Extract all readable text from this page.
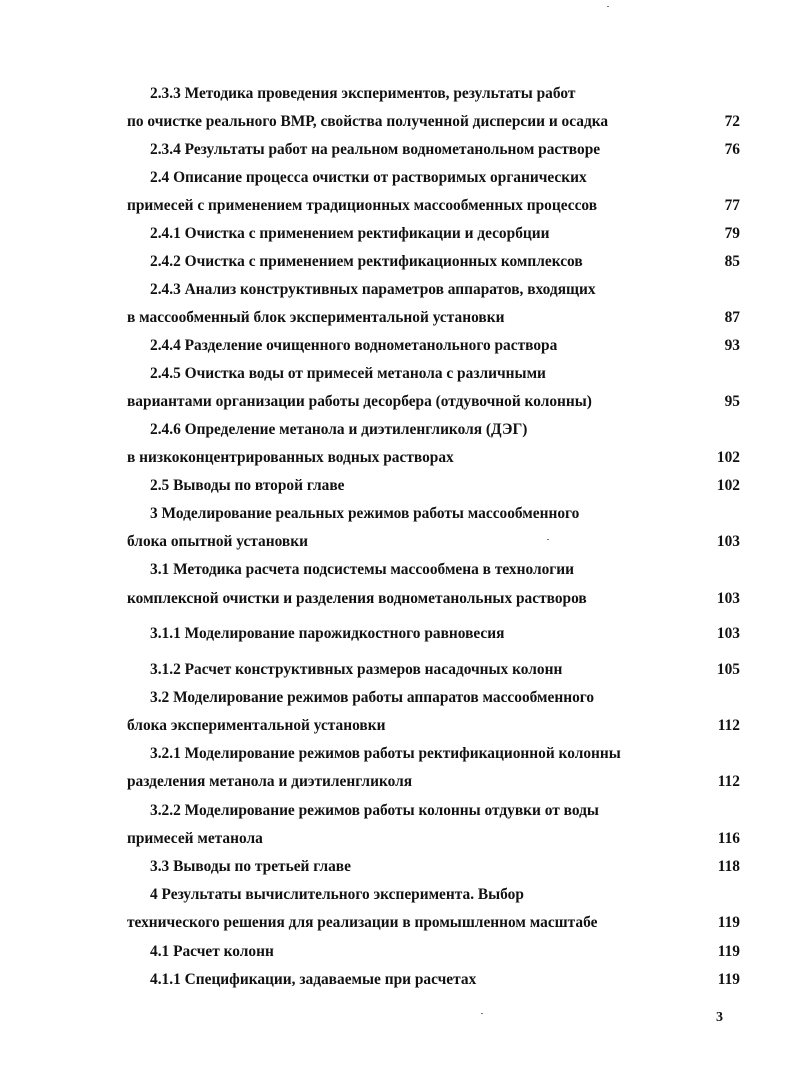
2.3.3 Методика проведения экспериментов, результаты работ
по очистке реального ВМР, свойства полученной дисперсии и осадка	72
2.3.4 Результаты работ на реальном воднометанольном растворе	76
2.4 Описание процесса очистки от растворимых органических
примесей с применением традиционных массообменных процессов	77
2.4.1 Очистка с применением ректификации и десорбции	79
2.4.2 Очистка с применением ректификационных комплексов	85
2.4.3 Анализ конструктивных параметров аппаратов, входящих
в массообменный блок экспериментальной установки	87
2.4.4 Разделение очищенного воднометанольного раствора	93
2.4.5 Очистка воды от примесей метанола с различными
вариантами организации работы десорбера (отдувочной колонны)	95
2.4.6 Определение метанола и диэтиленгликоля (ДЭГ)
в низкоконцентрированных водных растворах	102
2.5 Выводы по второй главе	102
3 Моделирование реальных режимов работы массообменного
блока опытной установки	103
3.1 Методика расчета подсистемы массообмена в технологии
комплексной очистки и разделения воднометанольных растворов	103
3.1.1 Моделирование парожидкостного равновесия	103
3.1.2 Расчет конструктивных размеров насадочных колонн	105
3.2 Моделирование режимов работы аппаратов массообменного
блока экспериментальной установки	112
3.2.1 Моделирование режимов работы ректификационной колонны
разделения метанола и диэтиленгликоля	112
3.2.2 Моделирование режимов работы колонны отдувки от воды
примесей метанола	116
3.3 Выводы по третьей главе	118
4 Результаты вычислительного эксперимента. Выбор
технического решения для реализации в промышленном масштабе	119
4.1 Расчет колонн	119
4.1.1 Спецификации, задаваемые при расчетах	119
3
